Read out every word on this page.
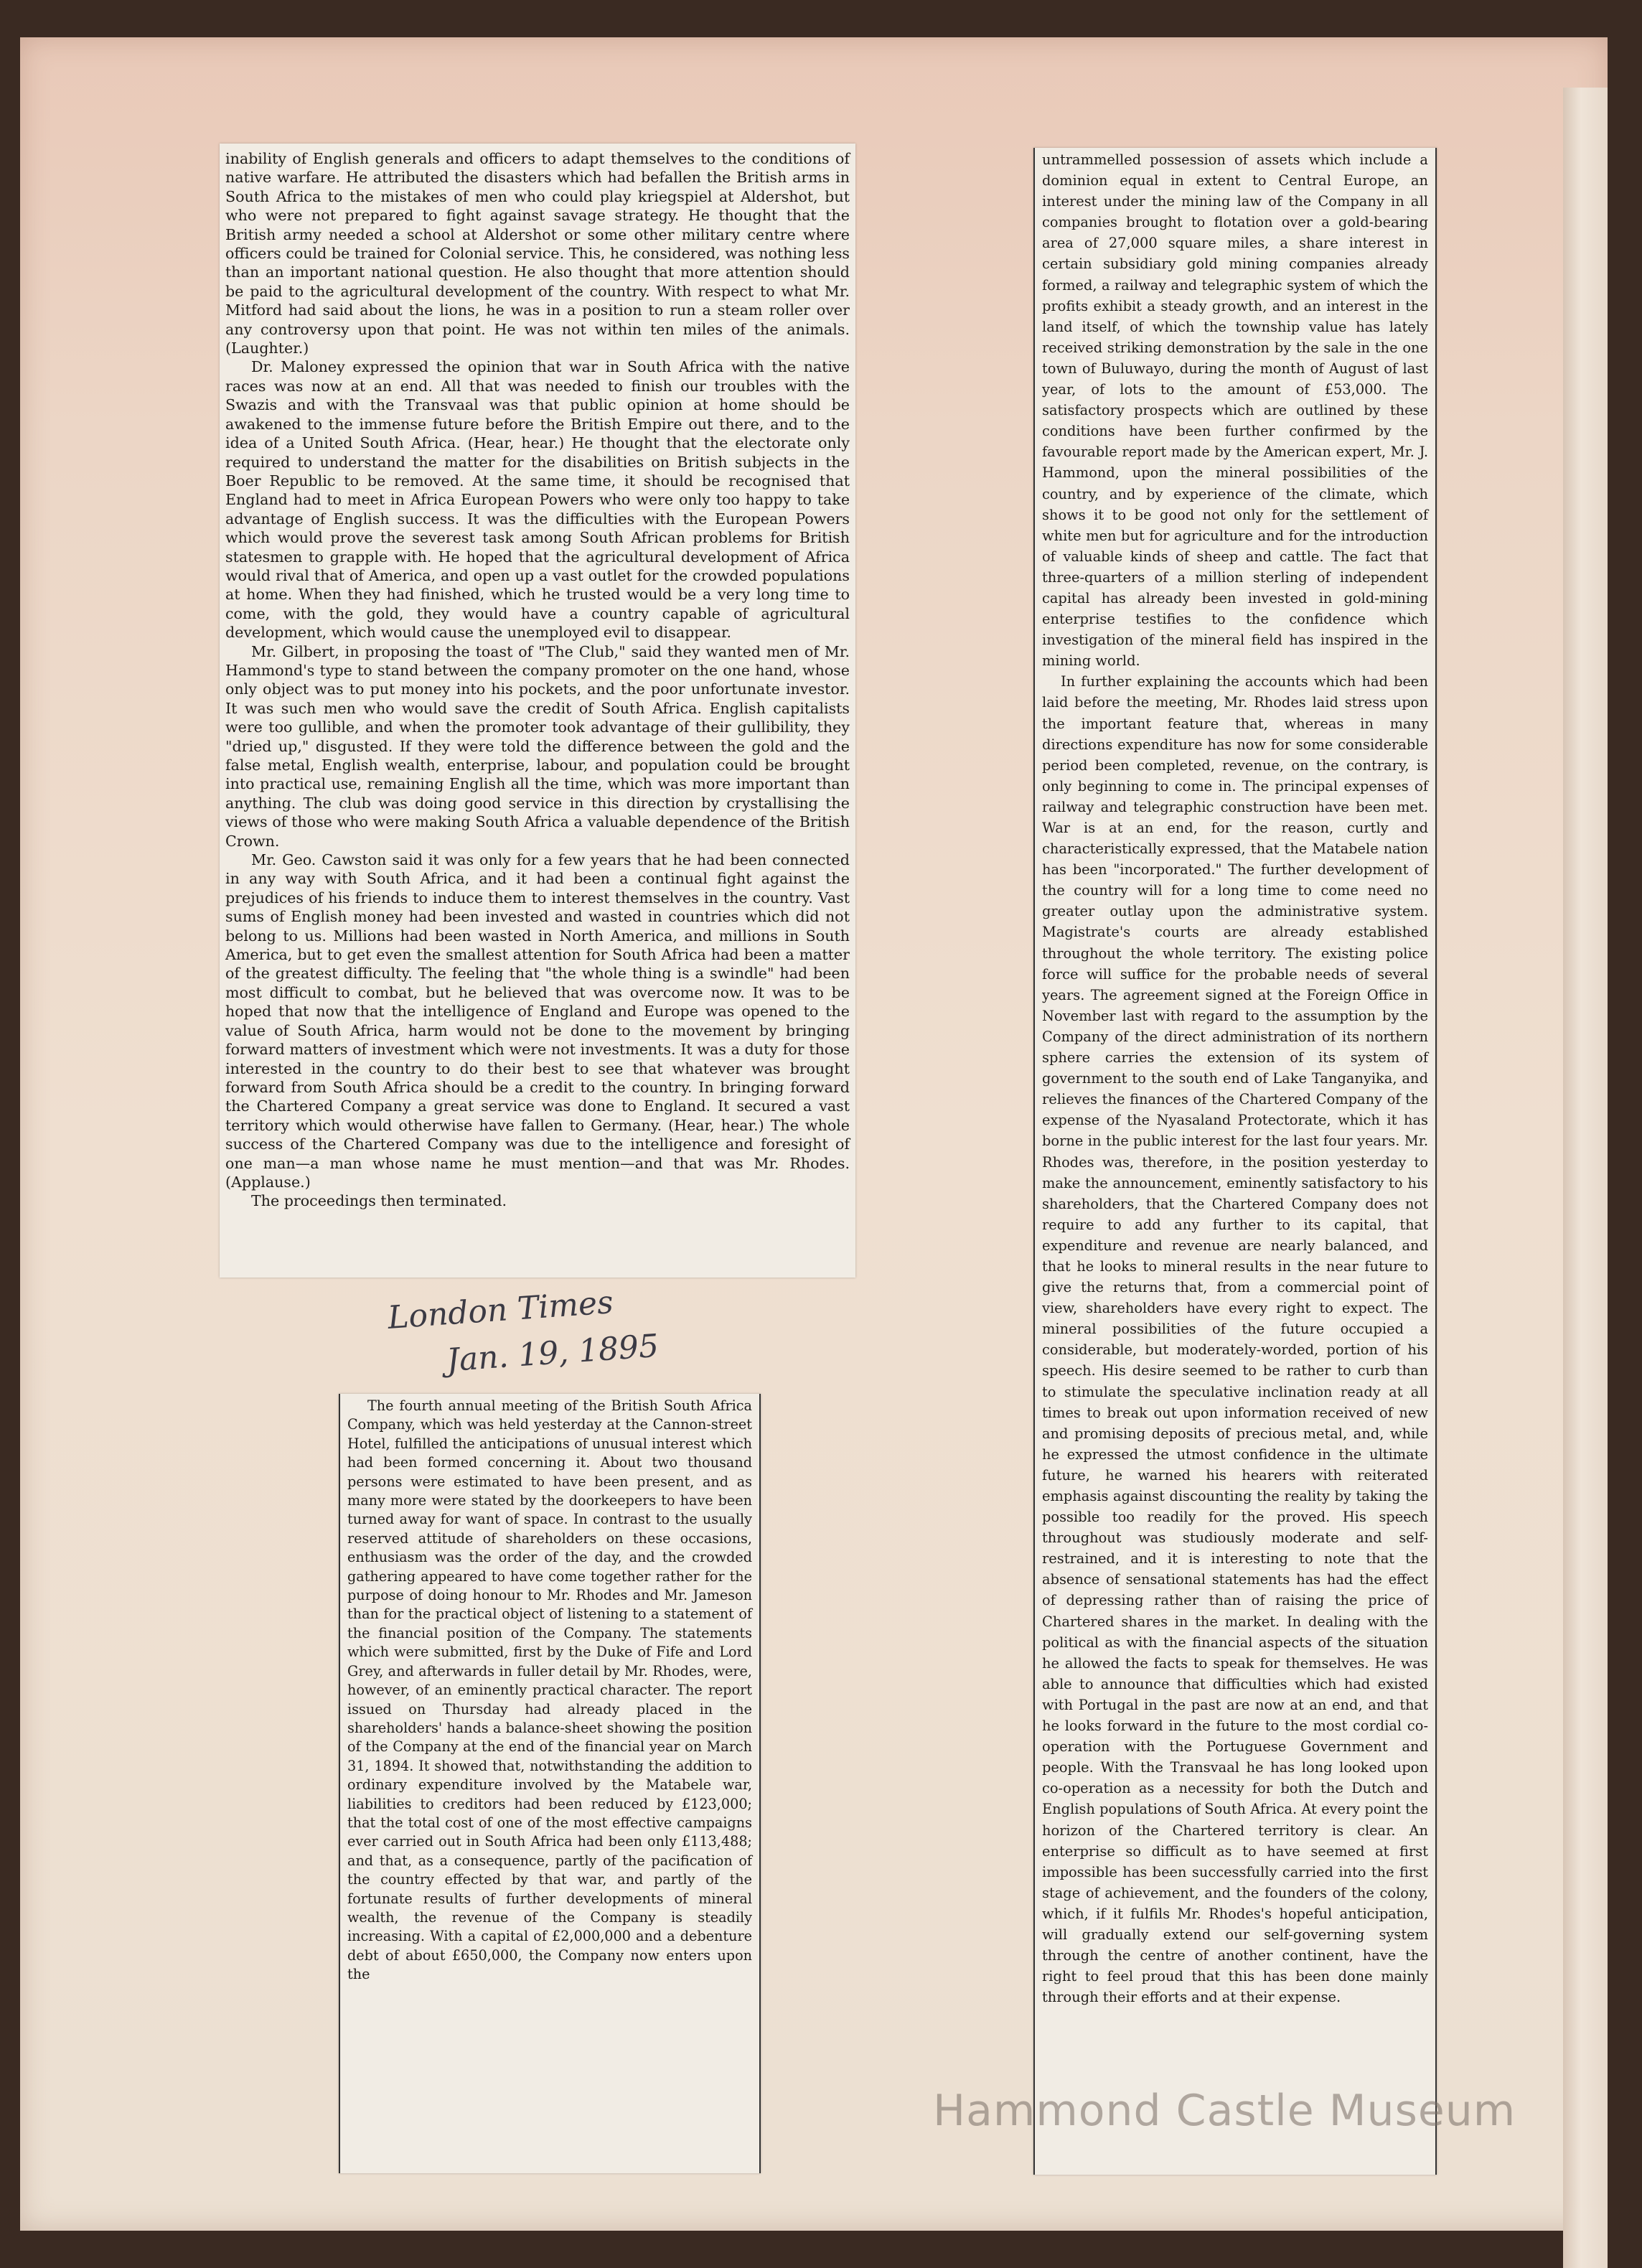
inability of English generals and officers to adapt themselves to the conditions of native warfare. He attributed the disasters which had befallen the British arms in South Africa to the mistakes of men who could play kriegspiel at Aldershot, but who were not prepared to fight against savage strategy. He thought that the British army needed a school at Aldershot or some other military centre where officers could be trained for Colonial service. This, he considered, was nothing less than an important national question. He also thought that more attention should be paid to the agricultural development of the country. With respect to what Mr. Mitford had said about the lions, he was in a position to run a steam roller over any controversy upon that point. He was not within ten miles of the animals. (Laughter.)

Dr. Maloney expressed the opinion that war in South Africa with the native races was now at an end. All that was needed to finish our troubles with the Swazis and with the Transvaal was that public opinion at home should be awakened to the immense future before the British Empire out there, and to the idea of a United South Africa. (Hear, hear.) He thought that the electorate only required to understand the matter for the disabilities on British subjects in the Boer Republic to be removed. At the same time, it should be recognised that England had to meet in Africa European Powers who were only too happy to take advantage of English success. It was the difficulties with the European Powers which would prove the severest task among South African problems for British statesmen to grapple with. He hoped that the agricultural development of Africa would rival that of America, and open up a vast outlet for the crowded populations at home. When they had finished, which he trusted would be a very long time to come, with the gold, they would have a country capable of agricultural development, which would cause the unemployed evil to disappear.

Mr. Gilbert, in proposing the toast of "The Club," said they wanted men of Mr. Hammond's type to stand between the company promoter on the one hand, whose only object was to put money into his pockets, and the poor unfortunate investor. It was such men who would save the credit of South Africa. English capitalists were too gullible, and when the promoter took advantage of their gullibility, they "dried up," disgusted. If they were told the difference between the gold and the false metal, English wealth, enterprise, labour, and population could be brought into practical use, remaining English all the time, which was more important than anything. The club was doing good service in this direction by crystallising the views of those who were making South Africa a valuable dependence of the British Crown.

Mr. Geo. Cawston said it was only for a few years that he had been connected in any way with South Africa, and it had been a continual fight against the prejudices of his friends to induce them to interest themselves in the country. Vast sums of English money had been invested and wasted in countries which did not belong to us. Millions had been wasted in North America, and millions in South America, but to get even the smallest attention for South Africa had been a matter of the greatest difficulty. The feeling that "the whole thing is a swindle" had been most difficult to combat, but he believed that was overcome now. It was to be hoped that now that the intelligence of England and Europe was opened to the value of South Africa, harm would not be done to the movement by bringing forward matters of investment which were not investments. It was a duty for those interested in the country to do their best to see that whatever was brought forward from South Africa should be a credit to the country. In bringing forward the Chartered Company a great service was done to England. It secured a vast territory which would otherwise have fallen to Germany. (Hear, hear.) The whole success of the Chartered Company was due to the intelligence and foresight of one man—a man whose name he must mention—and that was Mr. Rhodes. (Applause.)

The proceedings then terminated.

London Times
Jan. 19, 1895

The fourth annual meeting of the British South Africa Company, which was held yesterday at the Cannon-street Hotel, fulfilled the anticipations of unusual interest which had been formed concerning it. About two thousand persons were estimated to have been present, and as many more were stated by the doorkeepers to have been turned away for want of space. In contrast to the usually reserved attitude of shareholders on these occasions, enthusiasm was the order of the day, and the crowded gathering appeared to have come together rather for the purpose of doing honour to Mr. Rhodes and Mr. Jameson than for the practical object of listening to a statement of the financial position of the Company. The statements which were submitted, first by the Duke of Fife and Lord Grey, and afterwards in fuller detail by Mr. Rhodes, were, however, of an eminently practical character. The report issued on Thursday had already placed in the shareholders' hands a balance-sheet showing the position of the Company at the end of the financial year on March 31, 1894. It showed that, notwithstanding the addition to ordinary expenditure involved by the Matabele war, liabilities to creditors had been reduced by £123,000; that the total cost of one of the most effective campaigns ever carried out in South Africa had been only £113,488; and that, as a consequence, partly of the pacification of the country effected by that war, and partly of the fortunate results of further developments of mineral wealth, the revenue of the Company is steadily increasing. With a capital of £2,000,000 and a debenture debt of about £650,000, the Company now enters upon the

untrammelled possession of assets which include a dominion equal in extent to Central Europe, an interest under the mining law of the Company in all companies brought to flotation over a gold-bearing area of 27,000 square miles, a share interest in certain subsidiary gold mining companies already formed, a railway and telegraphic system of which the profits exhibit a steady growth, and an interest in the land itself, of which the township value has lately received striking demonstration by the sale in the one town of Buluwayo, during the month of August of last year, of lots to the amount of £53,000. The satisfactory prospects which are outlined by these conditions have been further confirmed by the favourable report made by the American expert, Mr. J. Hammond, upon the mineral possibilities of the country, and by experience of the climate, which shows it to be good not only for the settlement of white men but for agriculture and for the introduction of valuable kinds of sheep and cattle. The fact that three-quarters of a million sterling of independent capital has already been invested in gold-mining enterprise testifies to the confidence which investigation of the mineral field has inspired in the mining world.

In further explaining the accounts which had been laid before the meeting, Mr. Rhodes laid stress upon the important feature that, whereas in many directions expenditure has now for some considerable period been completed, revenue, on the contrary, is only beginning to come in. The principal expenses of railway and telegraphic construction have been met. War is at an end, for the reason, curtly and characteristically expressed, that the Matabele nation has been "incorporated." The further development of the country will for a long time to come need no greater outlay upon the administrative system. Magistrate's courts are already established throughout the whole territory. The existing police force will suffice for the probable needs of several years. The agreement signed at the Foreign Office in November last with regard to the assumption by the Company of the direct administration of its northern sphere carries the extension of its system of government to the south end of Lake Tanganyika, and relieves the finances of the Chartered Company of the expense of the Nyasaland Protectorate, which it has borne in the public interest for the last four years. Mr. Rhodes was, therefore, in the position yesterday to make the announcement, eminently satisfactory to his shareholders, that the Chartered Company does not require to add any further to its capital, that expenditure and revenue are nearly balanced, and that he looks to mineral results in the near future to give the returns that, from a commercial point of view, shareholders have every right to expect. The mineral possibilities of the future occupied a considerable, but moderately-worded, portion of his speech. His desire seemed to be rather to curb than to stimulate the speculative inclination ready at all times to break out upon information received of new and promising deposits of precious metal, and, while he expressed the utmost confidence in the ultimate future, he warned his hearers with reiterated emphasis against discounting the reality by taking the possible too readily for the proved. His speech throughout was studiously moderate and self-restrained, and it is interesting to note that the absence of sensational statements has had the effect of depressing rather than of raising the price of Chartered shares in the market. In dealing with the political as with the financial aspects of the situation he allowed the facts to speak for themselves. He was able to announce that difficulties which had existed with Portugal in the past are now at an end, and that he looks forward in the future to the most cordial co-operation with the Portuguese Government and people. With the Transvaal he has long looked upon co-operation as a necessity for both the Dutch and English populations of South Africa. At every point the horizon of the Chartered territory is clear. An enterprise so difficult as to have seemed at first impossible has been successfully carried into the first stage of achievement, and the founders of the colony, which, if it fulfils Mr. Rhodes's hopeful anticipation, will gradually extend our self-governing system through the centre of another continent, have the right to feel proud that this has been done mainly through their efforts and at their expense.

Hammond Castle Museum
